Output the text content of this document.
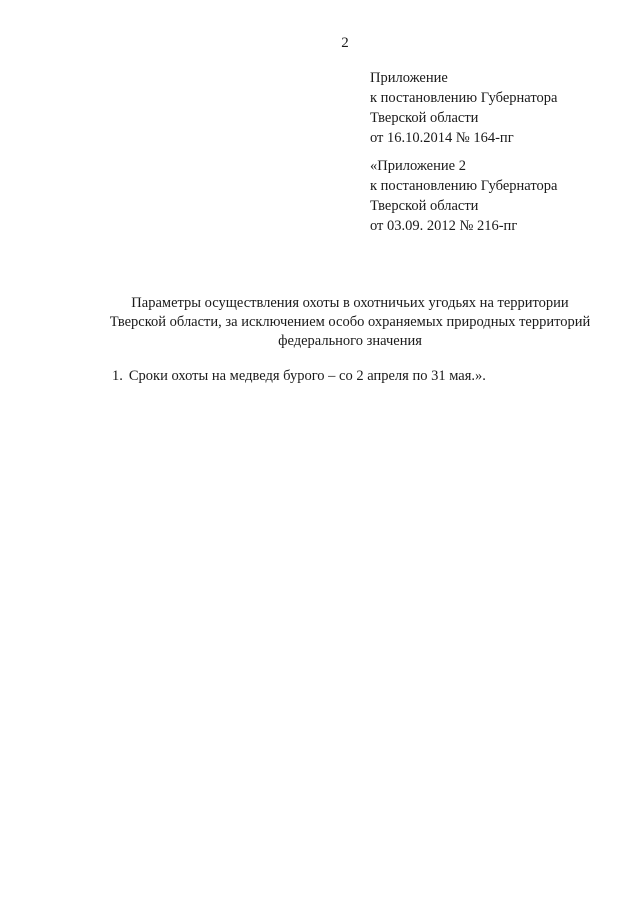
2
Приложение
к постановлению Губернатора
Тверской области
от 16.10.2014 № 164-пг
«Приложение 2
к постановлению Губернатора
Тверской области
от 03.09. 2012 № 216-пг
Параметры осуществления охоты в охотничьих угодьях на территории
Тверской области, за исключением особо охраняемых природных территорий
федерального значения
1. Сроки охоты на медведя бурого – со 2 апреля по 31 мая.».
